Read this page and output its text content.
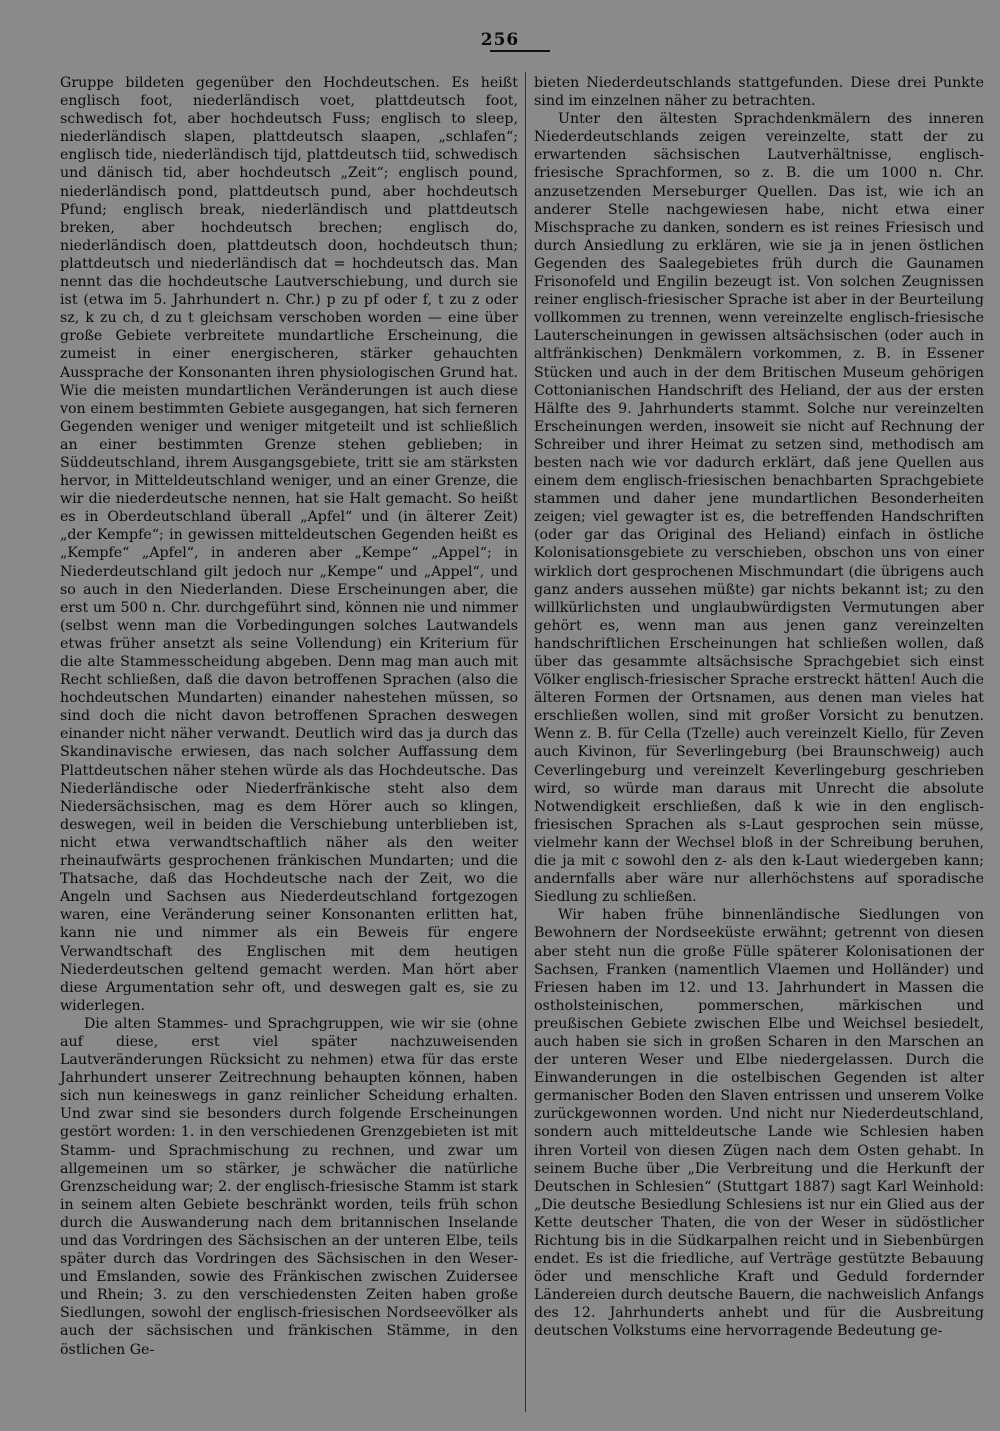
256

Gruppe bildeten gegenüber den Hochdeutschen. Es heißt englisch foot, niederländisch voet, plattdeutsch foot, schwedisch fot, aber hochdeutsch Fuss; englisch to sleep, niederländisch slapen, plattdeutsch slaapen, „schlafen“; englisch tide, niederländisch tijd, plattdeutsch tiid, schwedisch und dänisch tid, aber hochdeutsch „Zeit“; englisch pound, niederländisch pond, plattdeutsch pund, aber hochdeutsch Pfund; englisch break, niederländisch und plattdeutsch breken, aber hochdeutsch brechen; englisch do, niederländisch doen, plattdeutsch doon, hochdeutsch thun; plattdeutsch und niederländisch dat = hochdeutsch das. Man nennt das die hochdeutsche Lautverschiebung, und durch sie ist (etwa im 5. Jahrhundert n. Chr.) p zu pf oder f, t zu z oder sz, k zu ch, d zu t gleichsam verschoben worden — eine über große Gebiete verbreitete mundartliche Erscheinung, die zumeist in einer energischeren, stärker gehauchten Aussprache der Konsonanten ihren physiologischen Grund hat. Wie die meisten mundartlichen Veränderungen ist auch diese von einem bestimmten Gebiete ausgegangen, hat sich ferneren Gegenden weniger und weniger mitgeteilt und ist schließlich an einer bestimmten Grenze stehen geblieben; in Süddeutschland, ihrem Ausgangsgebiete, tritt sie am stärksten hervor, in Mitteldeutschland weniger, und an einer Grenze, die wir die niederdeutsche nennen, hat sie Halt gemacht. So heißt es in Oberdeutschland überall „Apfel“ und (in älterer Zeit) „der Kempfe“; in gewissen mitteldeutschen Gegenden heißt es „Kempfe“ „Apfel“, in anderen aber „Kempe“ „Appel“; in Niederdeutschland gilt jedoch nur „Kempe“ und „Appel“, und so auch in den Niederlanden. Diese Erscheinungen aber, die erst um 500 n. Chr. durchgeführt sind, können nie und nimmer (selbst wenn man die Vorbedingungen solches Lautwandels etwas früher ansetzt als seine Vollendung) ein Kriterium für die alte Stammesscheidung abgeben. Denn mag man auch mit Recht schließen, daß die davon betroffenen Sprachen (also die hochdeutschen Mundarten) einander nahestehen müssen, so sind doch die nicht davon betroffenen Sprachen deswegen einander nicht näher verwandt. Deutlich wird das ja durch das Skandinavische erwiesen, das nach solcher Auffassung dem Plattdeutschen näher stehen würde als das Hochdeutsche. Das Niederländische oder Niederfränkische steht also dem Niedersächsischen, mag es dem Hörer auch so klingen, deswegen, weil in beiden die Verschiebung unterblieben ist, nicht etwa verwandtschaftlich näher als den weiter rheinaufwärts gesprochenen fränkischen Mundarten; und die Thatsache, daß das Hochdeutsche nach der Zeit, wo die Angeln und Sachsen aus Niederdeutschland fortgezogen waren, eine Veränderung seiner Konsonanten erlitten hat, kann nie und nimmer als ein Beweis für engere Verwandtschaft des Englischen mit dem heutigen Niederdeutschen geltend gemacht werden. Man hört aber diese Argumentation sehr oft, und deswegen galt es, sie zu widerlegen.

Die alten Stammes- und Sprachgruppen, wie wir sie (ohne auf diese, erst viel später nachzuweisenden Lautveränderungen Rücksicht zu nehmen) etwa für das erste Jahrhundert unserer Zeitrechnung behaupten können, haben sich nun keineswegs in ganz reinlicher Scheidung erhalten. Und zwar sind sie besonders durch folgende Erscheinungen gestört worden: 1. in den verschiedenen Grenzgebieten ist mit Stamm- und Sprachmischung zu rechnen, und zwar um allgemeinen um so stärker, je schwächer die natürliche Grenzscheidung war; 2. der englisch-friesische Stamm ist stark in seinem alten Gebiete beschränkt worden, teils früh schon durch die Auswanderung nach dem britannischen Inselande und das Vordringen des Sächsischen an der unteren Elbe, teils später durch das Vordringen des Sächsischen in den Weser- und Emslanden, sowie des Fränkischen zwischen Zuidersee und Rhein; 3. zu den verschiedensten Zeiten haben große Siedlungen, sowohl der englisch-friesischen Nordseevölker als auch der sächsischen und fränkischen Stämme, in den östlichen Ge-

bieten Niederdeutschlands stattgefunden. Diese drei Punkte sind im einzelnen näher zu betrachten.

Unter den ältesten Sprachdenkmälern des inneren Niederdeutschlands zeigen vereinzelte, statt der zu erwartenden sächsischen Lautverhältnisse, englisch-friesische Sprachformen, so z. B. die um 1000 n. Chr. anzusetzenden Merseburger Quellen. Das ist, wie ich an anderer Stelle nachgewiesen habe, nicht etwa einer Mischsprache zu danken, sondern es ist reines Friesisch und durch Ansiedlung zu erklären, wie sie ja in jenen östlichen Gegenden des Saalegebietes früh durch die Gaunamen Frisonofeld und Engilin bezeugt ist. Von solchen Zeugnissen reiner englisch-friesischer Sprache ist aber in der Beurteilung vollkommen zu trennen, wenn vereinzelte englisch-friesische Lauterscheinungen in gewissen altsächsischen (oder auch in altfränkischen) Denkmälern vorkommen, z. B. in Essener Stücken und auch in der dem Britischen Museum gehörigen Cottonianischen Handschrift des Heliand, der aus der ersten Hälfte des 9. Jahrhunderts stammt. Solche nur vereinzelten Erscheinungen werden, insoweit sie nicht auf Rechnung der Schreiber und ihrer Heimat zu setzen sind, methodisch am besten nach wie vor dadurch erklärt, daß jene Quellen aus einem dem englisch-friesischen benachbarten Sprachgebiete stammen und daher jene mundartlichen Besonderheiten zeigen; viel gewagter ist es, die betreffenden Handschriften (oder gar das Original des Heliand) einfach in östliche Kolonisationsgebiete zu verschieben, obschon uns von einer wirklich dort gesprochenen Mischmundart (die übrigens auch ganz anders aussehen müßte) gar nichts bekannt ist; zu den willkürlichsten und unglaubwürdigsten Vermutungen aber gehört es, wenn man aus jenen ganz vereinzelten handschriftlichen Erscheinungen hat schließen wollen, daß über das gesammte altsächsische Sprachgebiet sich einst Völker englisch-friesischer Sprache erstreckt hätten! Auch die älteren Formen der Ortsnamen, aus denen man vieles hat erschließen wollen, sind mit großer Vorsicht zu benutzen. Wenn z. B. für Cella (Tzelle) auch vereinzelt Kiello, für Zeven auch Kivinon, für Severlingeburg (bei Braunschweig) auch Ceverlingeburg und vereinzelt Keverlingeburg geschrieben wird, so würde man daraus mit Unrecht die absolute Notwendigkeit erschließen, daß k wie in den englisch-friesischen Sprachen als s-Laut gesprochen sein müsse, vielmehr kann der Wechsel bloß in der Schreibung beruhen, die ja mit c sowohl den z- als den k-Laut wiedergeben kann; andernfalls aber wäre nur allerhöchstens auf sporadische Siedlung zu schließen.

Wir haben frühe binnenländische Siedlungen von Bewohnern der Nordseeküste erwähnt; getrennt von diesen aber steht nun die große Fülle späterer Kolonisationen der Sachsen, Franken (namentlich Vlaemen und Holländer) und Friesen haben im 12. und 13. Jahrhundert in Massen die ostholsteinischen, pommerschen, märkischen und preußischen Gebiete zwischen Elbe und Weichsel besiedelt, auch haben sie sich in großen Scharen in den Marschen an der unteren Weser und Elbe niedergelassen. Durch die Einwanderungen in die ostelbischen Gegenden ist alter germanischer Boden den Slaven entrissen und unserem Volke zurückgewonnen worden. Und nicht nur Niederdeutschland, sondern auch mitteldeutsche Lande wie Schlesien haben ihren Vorteil von diesen Zügen nach dem Osten gehabt. In seinem Buche über „Die Verbreitung und die Herkunft der Deutschen in Schlesien“ (Stuttgart 1887) sagt Karl Weinhold: „Die deutsche Besiedlung Schlesiens ist nur ein Glied aus der Kette deutscher Thaten, die von der Weser in südöstlicher Richtung bis in die Südkarpalhen reicht und in Siebenbürgen endet. Es ist die friedliche, auf Verträge gestützte Bebauung öder und menschliche Kraft und Geduld fordernder Ländereien durch deutsche Bauern, die nachweislich Anfangs des 12. Jahrhunderts anhebt und für die Ausbreitung deutschen Volkstums eine hervorragende Bedeutung ge-
